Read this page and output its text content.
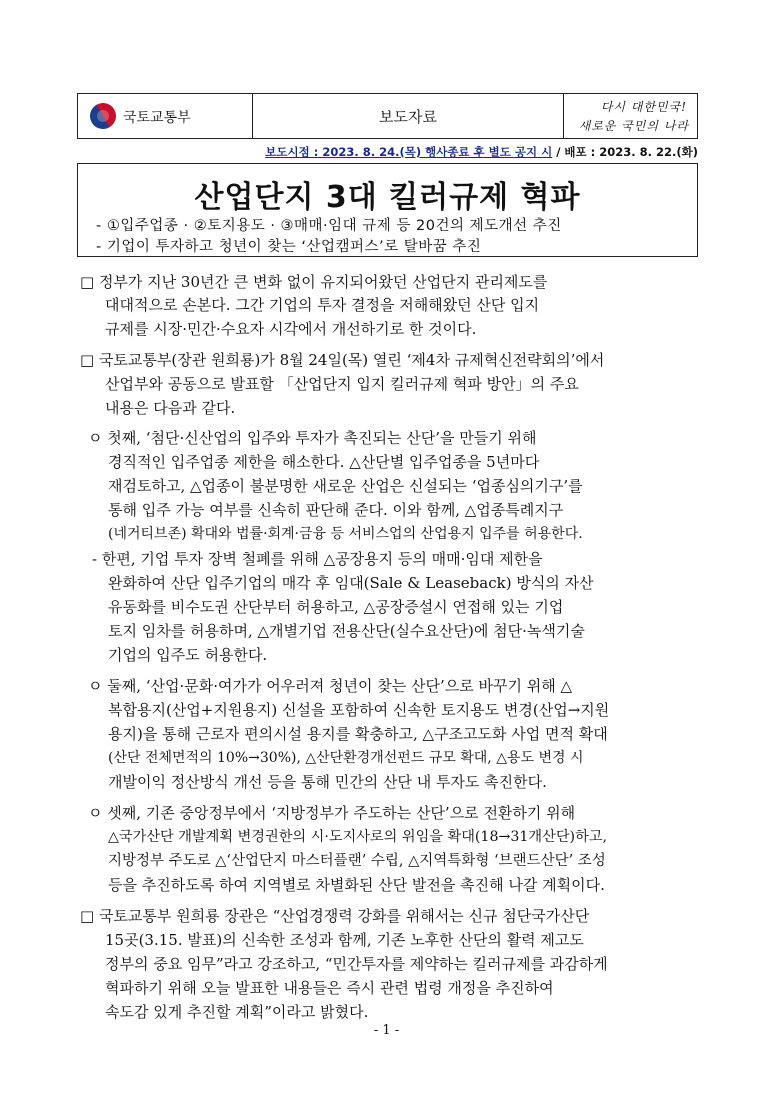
국토교통부	보도자료
다시 대한민국!
새로운 국민의 나라
보도시점 : 2023. 8. 24.(목) 행사종료 후 별도 공지 시 / 배포 : 2023. 8. 22.(화)
산업단지 3대 킬러규제 혁파
- ①입주업종 · ②토지용도 · ③매매·임대 규제 등 20건의 제도개선 추진
- 기업이 투자하고 청년이 찾는 ‘산업캠퍼스’로 탈바꿈 추진
□ 정부가 지난 30년간 큰 변화 없이 유지되어왔던 산업단지 관리제도를
대대적으로 손본다. 그간 기업의 투자 결정을 저해해왔던 산단 입지
규제를 시장·민간·수요자 시각에서 개선하기로 한 것이다.
□ 국토교통부(장관 원희룡)가 8월 24일(목) 열린 ‘제4차 규제혁신전략회의’에서
산업부와 공동으로 발표할 「산업단지 입지 킬러규제 혁파 방안」의 주요
내용은 다음과 같다.
ㅇ 첫째, ‘첨단·신산업의 입주와 투자가 촉진되는 산단’을 만들기 위해
경직적인 입주업종 제한을 해소한다. △산단별 입주업종을 5년마다
재검토하고, △업종이 불분명한 새로운 산업은 신설되는 ‘업종심의기구’를
통해 입주 가능 여부를 신속히 판단해 준다. 이와 함께, △업종특례지구
(네거티브존) 확대와 법률·회계·금융 등 서비스업의 산업용지 입주를 허용한다.
- 한편, 기업 투자 장벽 철폐를 위해 △공장용지 등의 매매·임대 제한을
완화하여 산단 입주기업의 매각 후 임대(Sale & Leaseback) 방식의 자산
유동화를 비수도권 산단부터 허용하고, △공장증설시 연접해 있는 기업
토지 임차를 허용하며, △개별기업 전용산단(실수요산단)에 첨단·녹색기술
기업의 입주도 허용한다.
ㅇ 둘째, ‘산업·문화·여가가 어우러져 청년이 찾는 산단’으로 바꾸기 위해 △
복합용지(산업+지원용지) 신설을 포함하여 신속한 토지용도 변경(산업→지원
용지)을 통해 근로자 편의시설 용지를 확충하고, △구조고도화 사업 면적 확대
(산단 전체면적의 10%→30%), △산단환경개선펀드 규모 확대, △용도 변경 시
개발이익 정산방식 개선 등을 통해 민간의 산단 내 투자도 촉진한다.
ㅇ 셋째, 기존 중앙정부에서 ‘지방정부가 주도하는 산단’으로 전환하기 위해
△국가산단 개발계획 변경권한의 시·도지사로의 위임을 확대(18→31개산단)하고,
지방정부 주도로 △‘산업단지 마스터플랜’ 수립, △지역특화형 ‘브랜드산단’ 조성
등을 추진하도록 하여 지역별로 차별화된 산단 발전을 촉진해 나갈 계획이다.
□ 국토교통부 원희룡 장관은 “산업경쟁력 강화를 위해서는 신규 첨단국가산단
15곳(3.15. 발표)의 신속한 조성과 함께, 기존 노후한 산단의 활력 제고도
정부의 중요 임무”라고 강조하고, “민간투자를 제약하는 킬러규제를 과감하게
혁파하기 위해 오늘 발표한 내용들은 즉시 관련 법령 개정을 추진하여
속도감 있게 추진할 계획”이라고 밝혔다.
- 1 -
